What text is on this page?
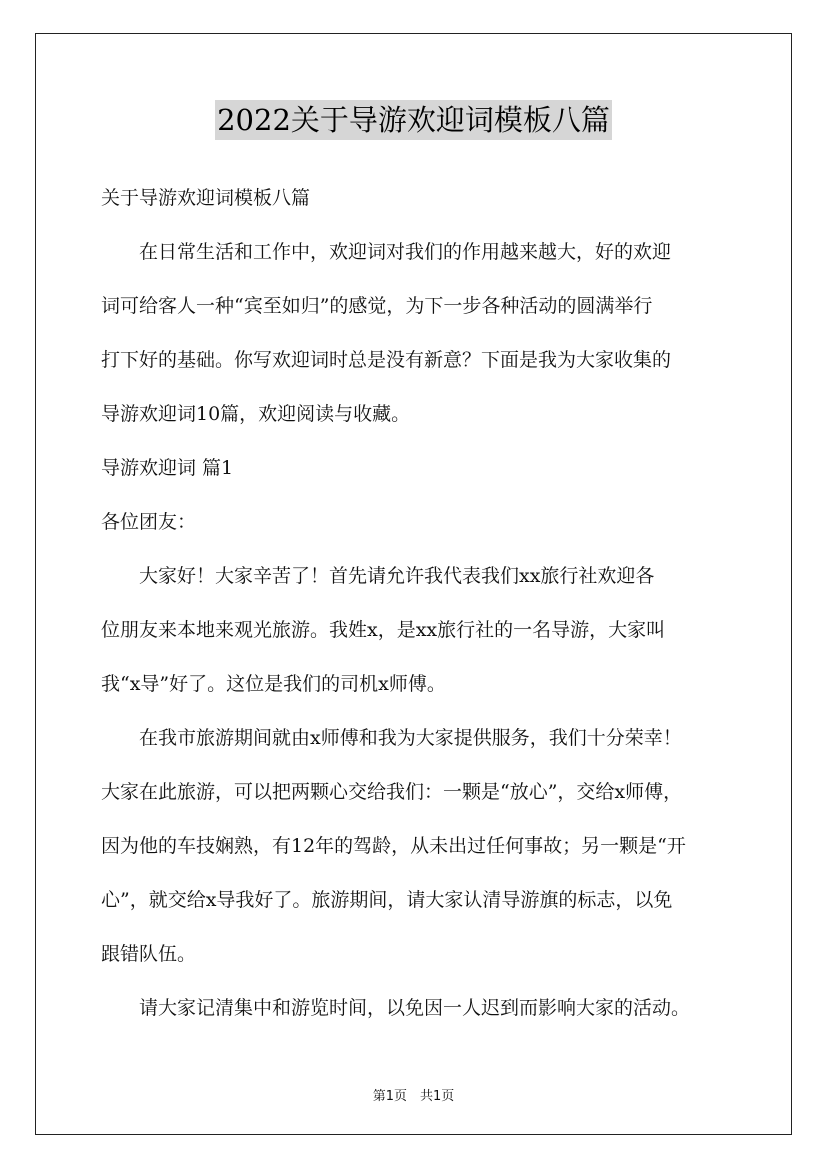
2022关于导游欢迎词模板八篇
关于导游欢迎词模板八篇
　　在日常生活和工作中，欢迎词对我们的作用越来越大，好的欢迎
词可给客人一种“宾至如归”的感觉，为下一步各种活动的圆满举行
打下好的基础。你写欢迎词时总是没有新意？下面是我为大家收集的
导游欢迎词10篇，欢迎阅读与收藏。
导游欢迎词 篇1
各位团友：
　　大家好！大家辛苦了！首先请允许我代表我们xx旅行社欢迎各
位朋友来本地来观光旅游。我姓x，是xx旅行社的一名导游，大家叫
我“x导”好了。这位是我们的司机x师傅。
　　在我市旅游期间就由x师傅和我为大家提供服务，我们十分荣幸！
大家在此旅游，可以把两颗心交给我们：一颗是“放心”，交给x师傅，
因为他的车技娴熟，有12年的驾龄，从未出过任何事故；另一颗是“开
心”，就交给x导我好了。旅游期间，请大家认清导游旗的标志，以免
跟错队伍。
　　请大家记清集中和游览时间，以免因一人迟到而影响大家的活动。
第1页　共1页
